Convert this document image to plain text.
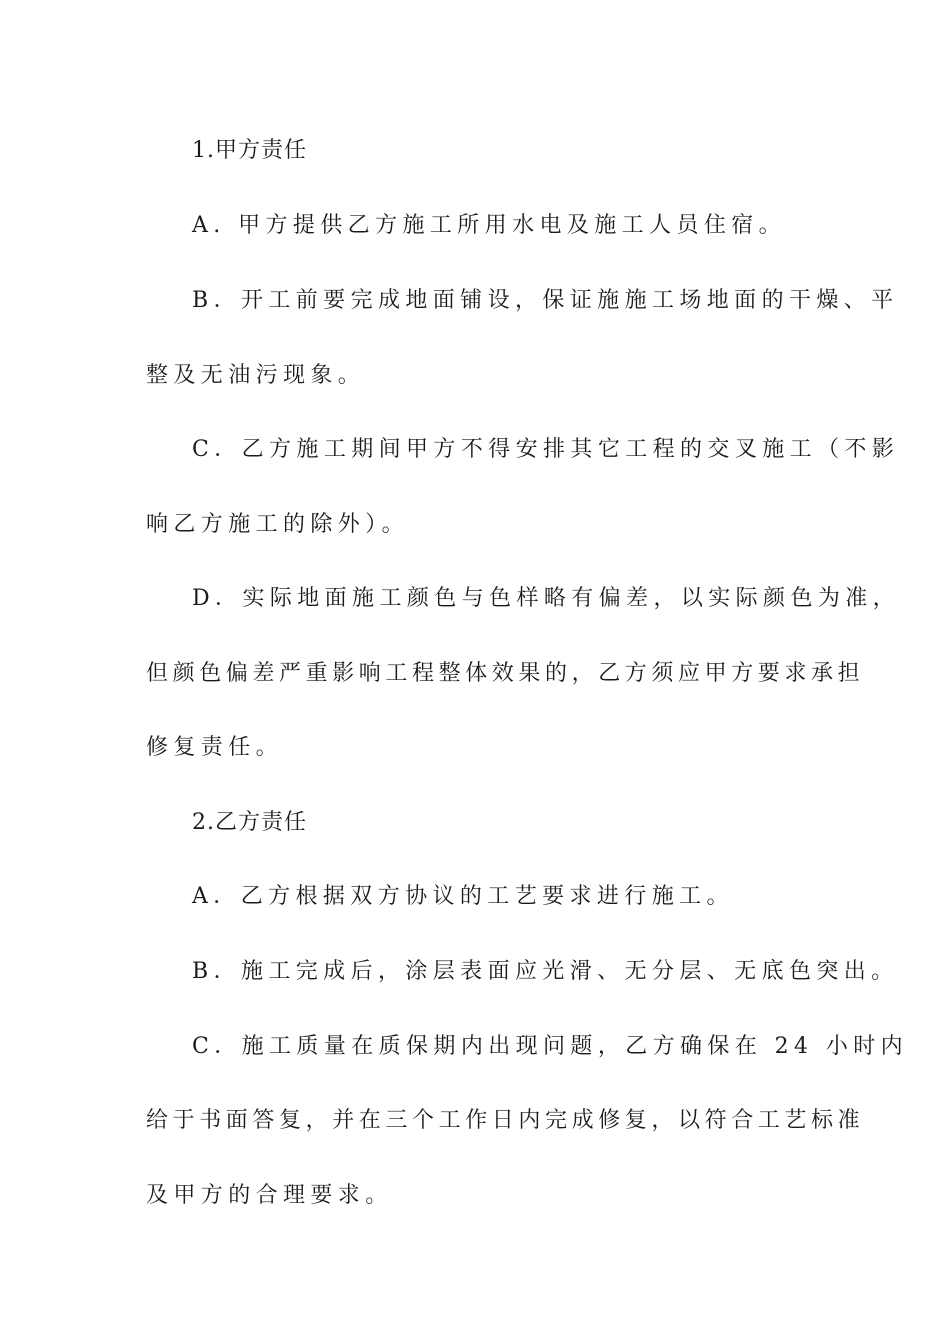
1.甲方责任
A. 甲方提供乙方施工所用水电及施工人员住宿。
B．开工前要完成地面铺设，保证施施工场地面的干燥、平
整及无油污现象。
C．乙方施工期间甲方不得安排其它工程的交叉施工（不影
响乙方施工的除外）。
D．实际地面施工颜色与色样略有偏差，以实际颜色为准，
但颜色偏差严重影响工程整体效果的，乙方须应甲方要求承担
修复责任。
2.乙方责任
A．乙方根据双方协议的工艺要求进行施工。
B．施工完成后，涂层表面应光滑、无分层、无底色突出。
C．施工质量在质保期内出现问题，乙方确保在 24 小时内
给于书面答复，并在三个工作日内完成修复，以符合工艺标准
及甲方的合理要求。
